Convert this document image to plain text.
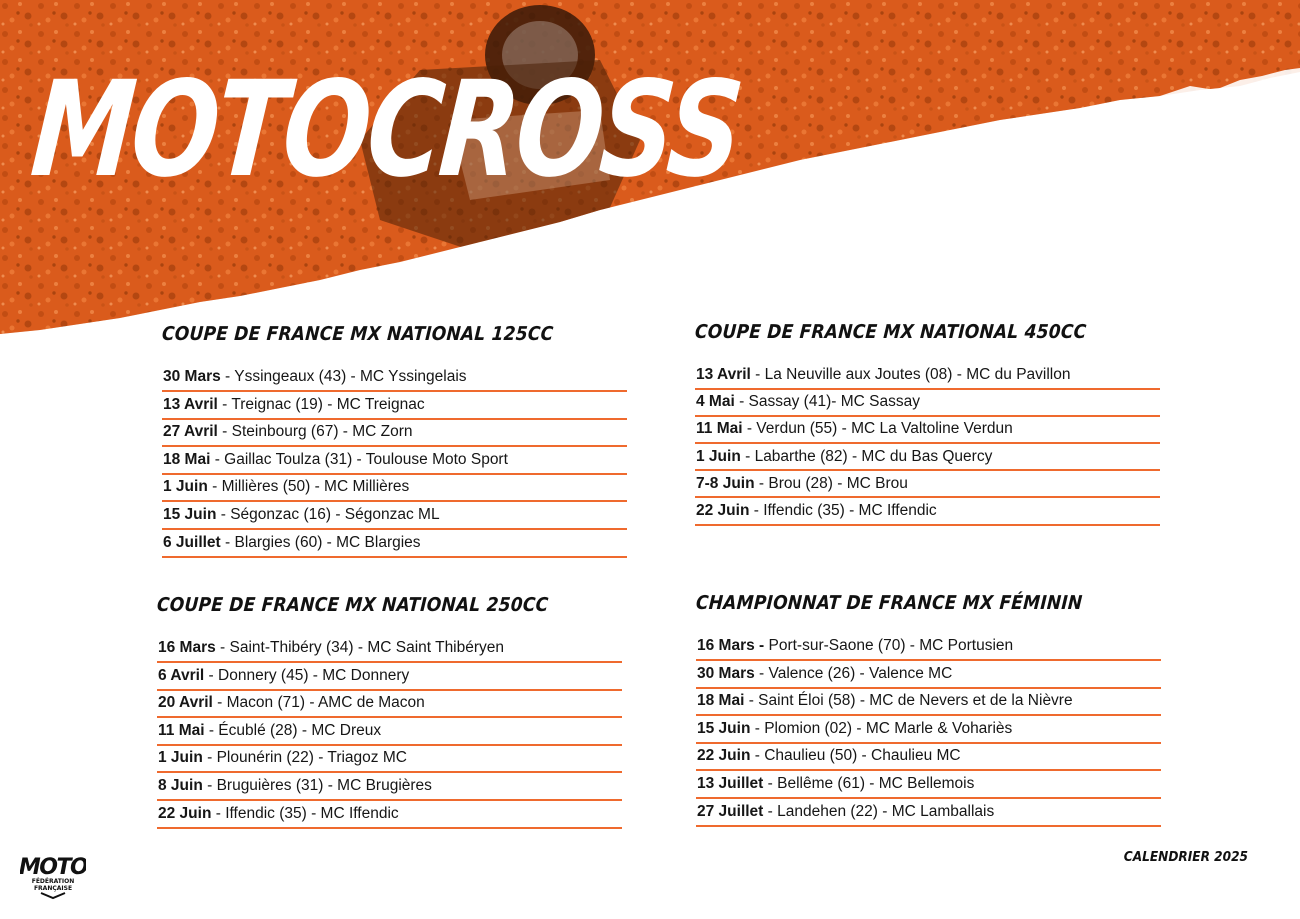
MOTOCROSS
COUPE DE FRANCE MX NATIONAL 125CC
30 Mars - Yssingeaux (43) - MC Yssingelais
13 Avril - Treignac (19) - MC Treignac
27 Avril - Steinbourg (67) - MC Zorn
18 Mai - Gaillac Toulza (31) - Toulouse Moto Sport
1 Juin - Millières (50) - MC Millières
15 Juin - Ségonzac (16) - Ségonzac ML
6 Juillet - Blargies (60) - MC Blargies
COUPE DE FRANCE MX NATIONAL 450CC
13 Avril - La Neuville aux Joutes (08) - MC du Pavillon
4 Mai - Sassay (41)- MC Sassay
11 Mai - Verdun (55) - MC La Valtoline Verdun
1 Juin - Labarthe (82) - MC du Bas Quercy
7-8 Juin - Brou (28) - MC Brou
22 Juin - Iffendic (35) - MC Iffendic
COUPE DE FRANCE MX NATIONAL 250CC
16 Mars - Saint-Thibéry (34) - MC Saint Thibéryen
6 Avril - Donnery (45) - MC Donnery
20 Avril - Macon (71) - AMC de Macon
11 Mai - Écublé (28) - MC Dreux
1 Juin - Plounérin (22) - Triagoz MC
8 Juin - Bruguières (31) - MC Brugières
22 Juin - Iffendic (35) - MC Iffendic
CHAMPIONNAT DE FRANCE MX FÉMININ
16 Mars - Port-sur-Saone (70) - MC Portusien
30 Mars - Valence (26) - Valence MC
18 Mai - Saint Éloi (58) - MC de Nevers et de la Nièvre
15 Juin - Plomion (02) - MC Marle & Vohariès
22 Juin - Chaulieu (50) - Chaulieu MC
13 Juillet - Bellême (61) - MC Bellemois
27 Juillet - Landehen (22) - MC Lamballais
MOTO
FÉDÉRATION
FRANÇAISE
CALENDRIER 2025
